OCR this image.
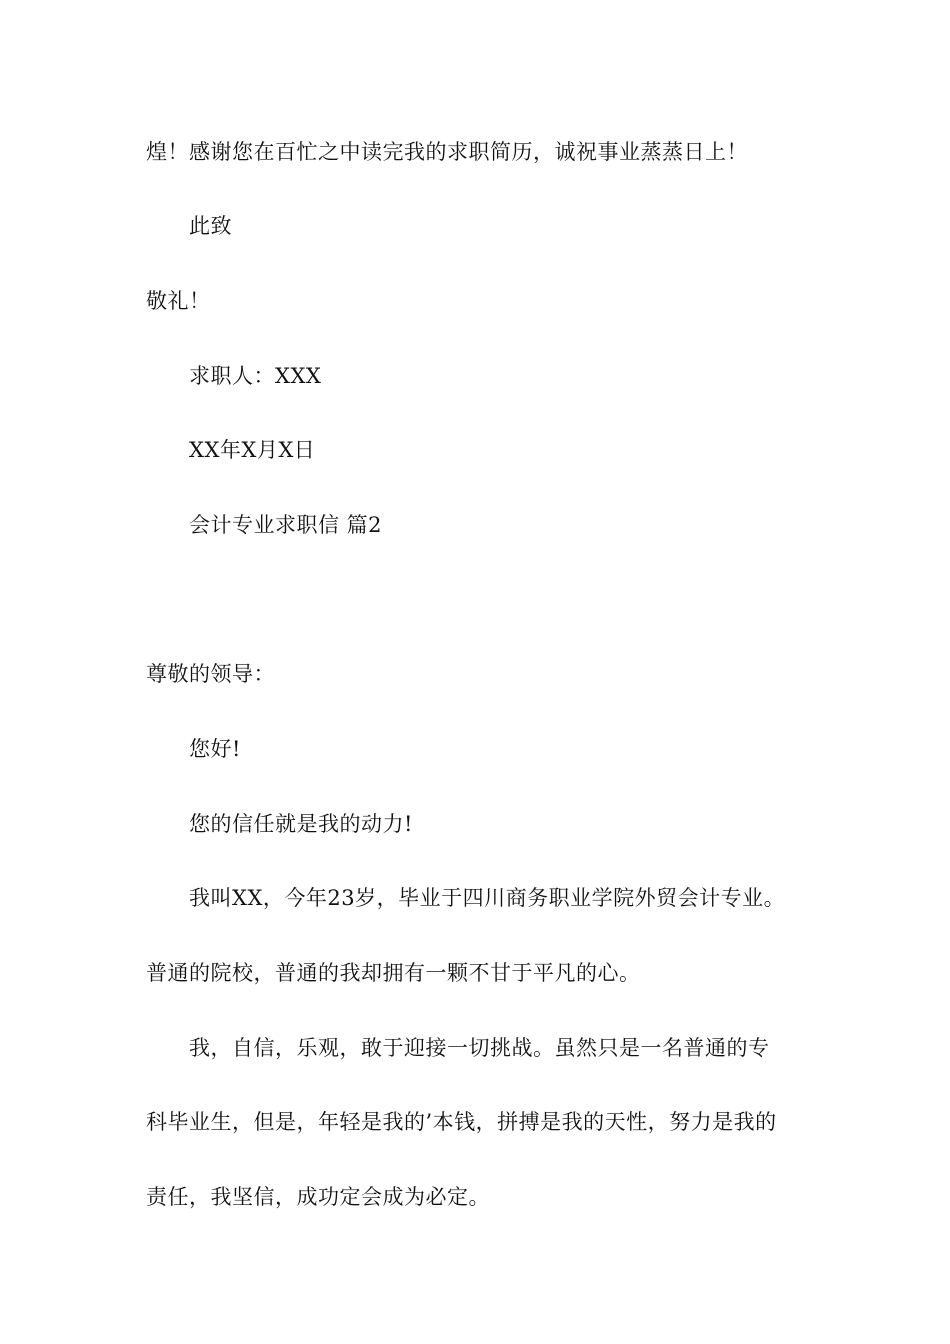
煌！感谢您在百忙之中读完我的求职简历，诚祝事业蒸蒸日上！
此致
敬礼！
求职人：XXX
XX年X月X日
会计专业求职信 篇2
尊敬的领导：
您好!
您的信任就是我的动力!
我叫XX，今年23岁，毕业于四川商务职业学院外贸会计专业。
普通的院校，普通的我却拥有一颗不甘于平凡的心。
我，自信，乐观，敢于迎接一切挑战。虽然只是一名普通的专
科毕业生，但是，年轻是我的’本钱，拼搏是我的天性，努力是我的
责任，我坚信，成功定会成为必定。
